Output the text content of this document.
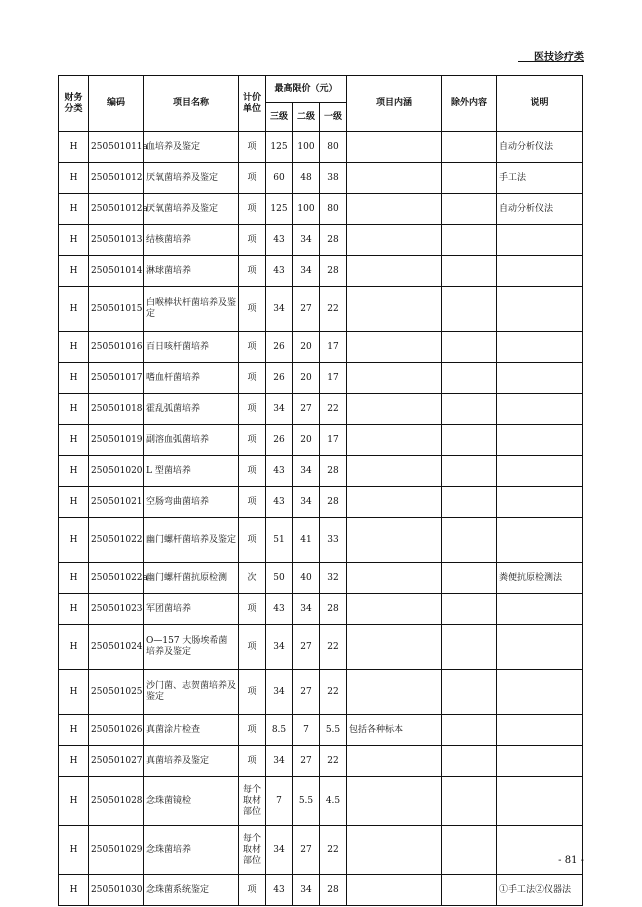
医技诊疗类
财务分类	编码	项目名称	计价单位	最高限价（元）			项目内涵	除外内容	说明
				三级	二级	一级			
H	250501011a	血培养及鉴定	项	125	100	80			自动分析仪法
H	250501012	厌氧菌培养及鉴定	项	60	48	38			手工法
H	250501012a	厌氧菌培养及鉴定	项	125	100	80			自动分析仪法
H	250501013	结核菌培养	项	43	34	28			
H	250501014	淋球菌培养	项	43	34	28			
H	250501015	白喉棒状杆菌培养及鉴定	项	34	27	22			
H	250501016	百日咳杆菌培养	项	26	20	17			
H	250501017	嗜血杆菌培养	项	26	20	17			
H	250501018	霍乱弧菌培养	项	34	27	22			
H	250501019	副溶血弧菌培养	项	26	20	17			
H	250501020	L 型菌培养	项	43	34	28			
H	250501021	空肠弯曲菌培养	项	43	34	28			
H	250501022	幽门螺杆菌培养及鉴定	项	51	41	33			
H	250501022a	幽门螺杆菌抗原检测	次	50	40	32			粪便抗原检测法
H	250501023	军团菌培养	项	43	34	28			
H	250501024	O—157 大肠埃希菌培养及鉴定	项	34	27	22			
H	250501025	沙门菌、志贺菌培养及鉴定	项	34	27	22			
H	250501026	真菌涂片检查	项	8.5	7	5.5	包括各种标本		
H	250501027	真菌培养及鉴定	项	34	27	22			
H	250501028	念珠菌镜检	每个取材部位	7	5.5	4.5			
H	250501029	念珠菌培养	每个取材部位	34	27	22			
H	250501030	念珠菌系统鉴定	项	43	34	28			①手工法②仪器法
- 81 -
